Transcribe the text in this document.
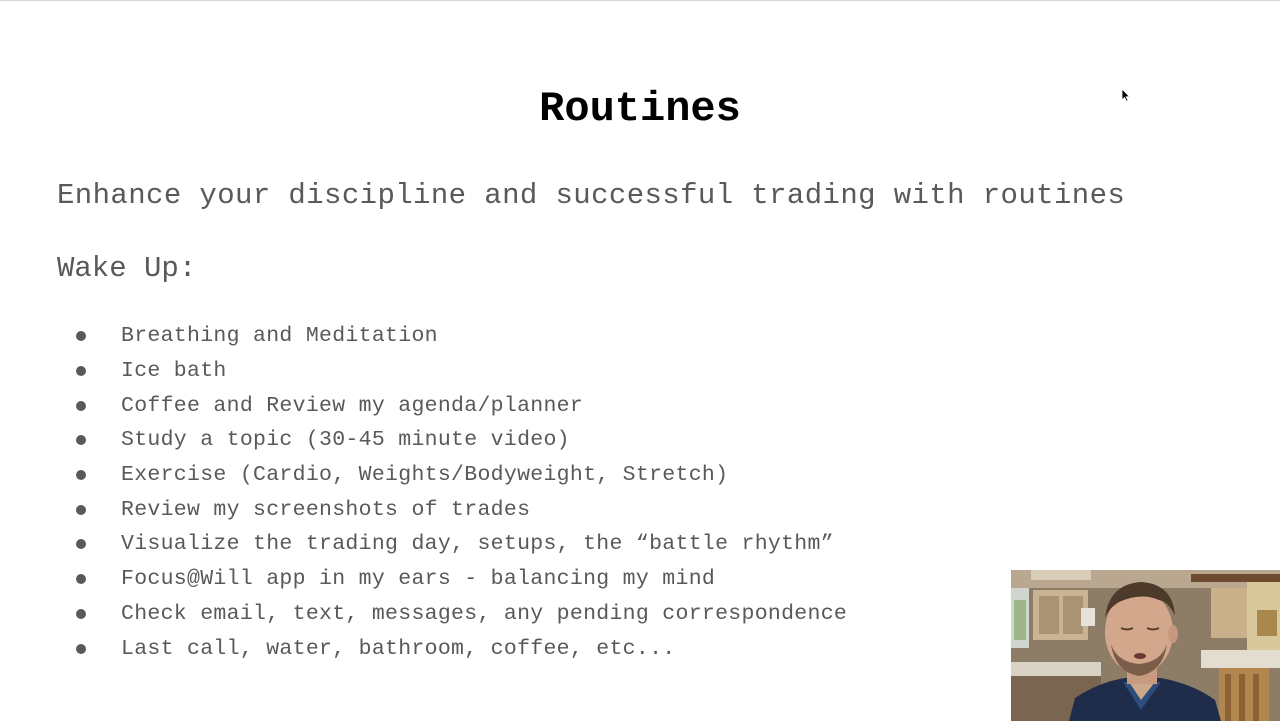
Routines

Enhance your discipline and successful trading with routines

Wake Up:

Breathing and Meditation
Ice bath
Coffee and Review my agenda/planner
Study a topic (30-45 minute video)
Exercise (Cardio, Weights/Bodyweight, Stretch)
Review my screenshots of trades
Visualize the trading day, setups, the “battle rhythm”
Focus@Will app in my ears - balancing my mind
Check email, text, messages, any pending correspondence
Last call, water, bathroom, coffee, etc...
